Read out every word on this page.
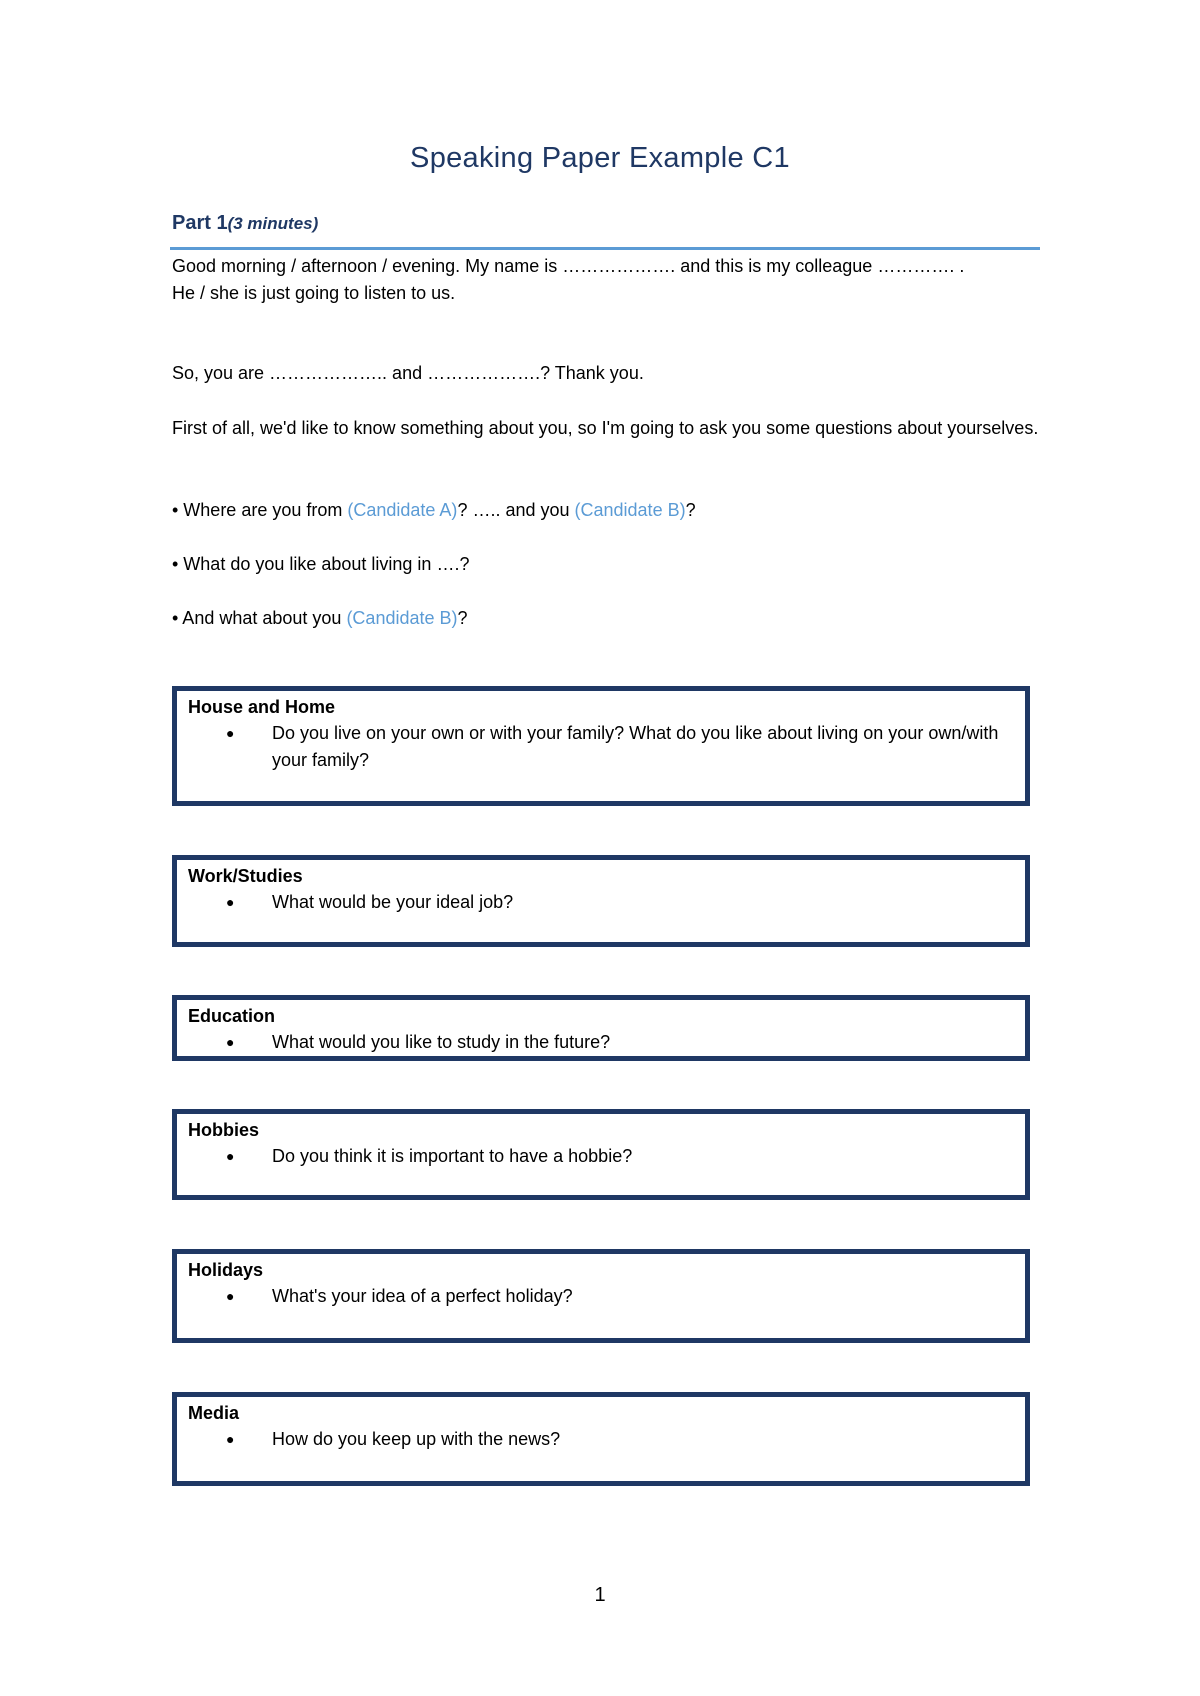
Speaking Paper Example C1
Part 1(3 minutes)
Good morning / afternoon / evening. My name is ………………. and this is my colleague …………. .
He / she is just going to listen to us.
So, you are ……………….. and ……………….? Thank you.
First of all, we'd like to know something about you, so I'm going to ask you some questions about yourselves.
• Where are you from (Candidate A)? ….. and you (Candidate B)?
• What do you like about living in ….?
• And what about you (Candidate B)?
House and Home
● Do you live on your own or with your family? What do you like about living on your own/with your family?
Work/Studies
● What would be your ideal job?
Education
● What would you like to study in the future?
Hobbies
● Do you think it is important to have a hobbie?
Holidays
● What's your idea of a perfect holiday?
Media
● How do you keep up with the news?
1
